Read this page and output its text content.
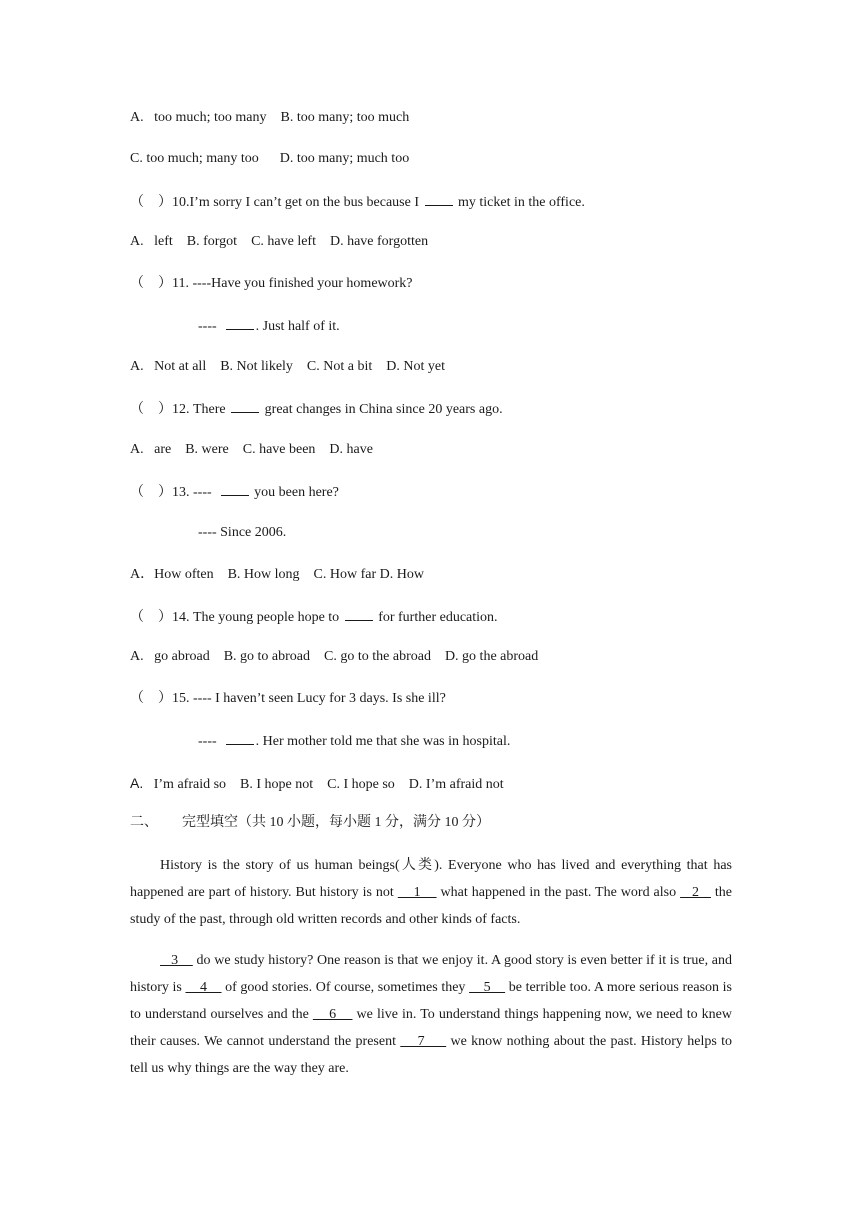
A.   too much; too many    B. too many; too much
C. too much; many too      D. too many; much too
（    ）10.I’m sorry I can’t get on the bus because I  my ticket in the office.
A.   left    B. forgot    C. have left    D. have forgotten
（    ）11. ----Have you finished your homework?
----  . Just half of it.
A.   Not at all    B. Not likely    C. Not a bit    D. Not yet
（    ）12. There  great changes in China since 20 years ago.
A.   are    B. were    C. have been    D. have
（    ）13. ----   you been here?
---- Since 2006.
A．How often    B. How long    C. How far D. How
（    ）14. The young people hope to  for further education.
A.   go abroad    B. go to abroad    C. go to the abroad    D. go the abroad
（    ）15. ---- I haven’t seen Lucy for 3 days. Is she ill?
----  . Her mother told me that she was in hospital.
A. I’m afraid so    B. I hope not    C. I hope so    D. I’m afraid not
二、 完型填空（共 10 小题，每小题 1 分，满分 10 分）
History is the story of us human beings(人类). Everyone who has lived and everything that has happened are part of history. But history is not     1     what happened in the past. The word also    2    the study of the past, through old written records and other kinds of facts.
3     do we study history? One reason is that we enjoy it. A good story is even better if it is true, and history is     4     of good stories. Of course, sometimes they     5     be terrible too. A more serious reason is to understand ourselves and the     6     we live in. To understand things happening now, we need to knew their causes. We cannot understand the present     7      we know nothing about the past. History helps to tell us why things are the way they are.
